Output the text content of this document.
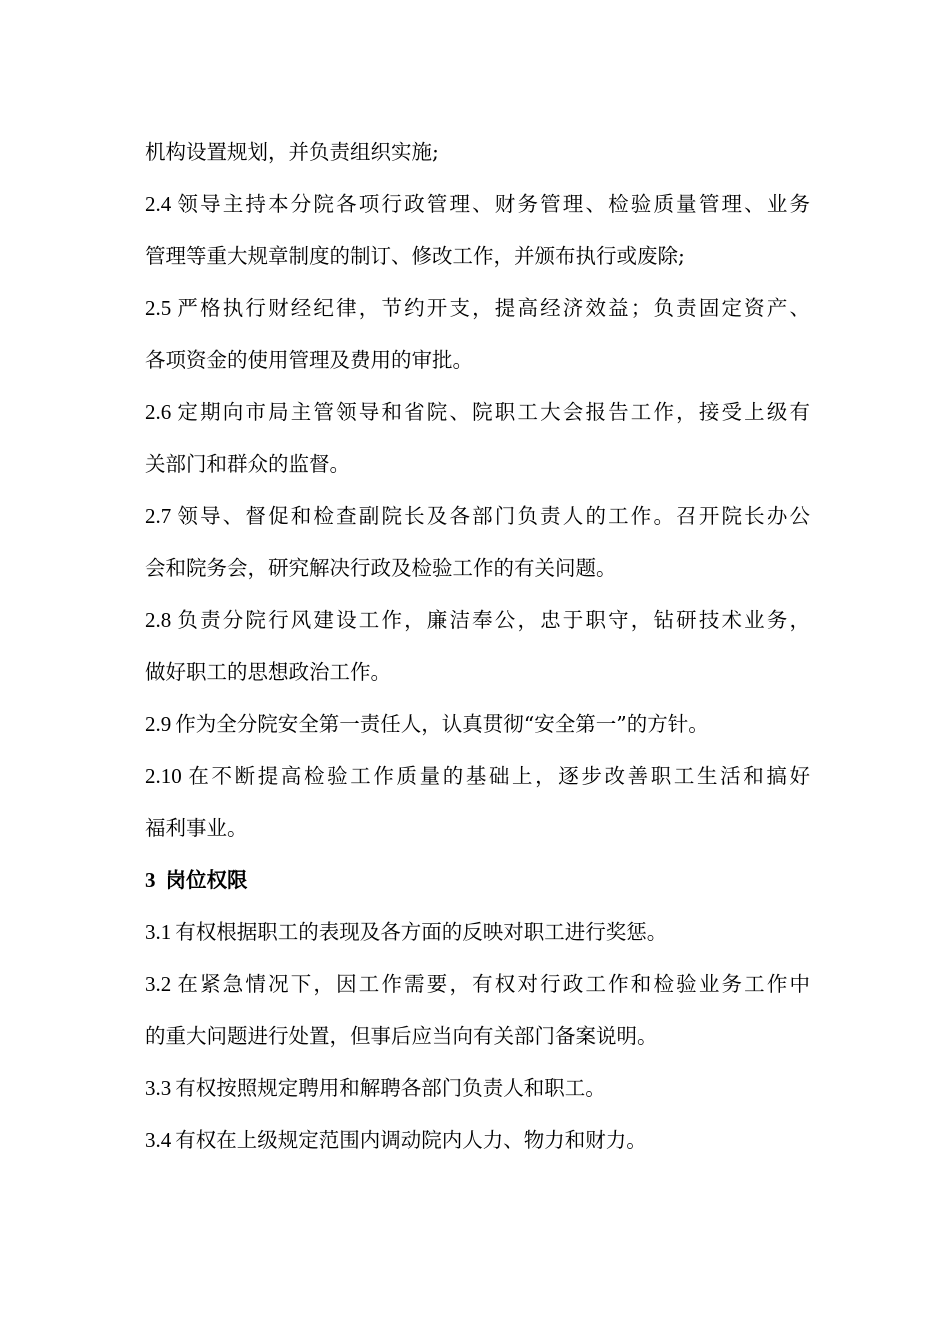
机构设置规划，并负责组织实施;
2.4 领导主持本分院各项行政管理、财务管理、检验质量管理、业务
管理等重大规章制度的制订、修改工作，并颁布执行或废除;
2.5 严格执行财经纪律，节约开支，提高经济效益；负责固定资产、
各项资金的使用管理及费用的审批。
2.6 定期向市局主管领导和省院、院职工大会报告工作，接受上级有
关部门和群众的监督。
2.7 领导、督促和检查副院长及各部门负责人的工作。召开院长办公
会和院务会，研究解决行政及检验工作的有关问题。
2.8 负责分院行风建设工作，廉洁奉公，忠于职守，钻研技术业务，
做好职工的思想政治工作。
2.9 作为全分院安全第一责任人，认真贯彻“安全第一”的方针。
2.10 在不断提高检验工作质量的基础上，逐步改善职工生活和搞好
福利事业。
3 岗位权限
3.1 有权根据职工的表现及各方面的反映对职工进行奖惩。
3.2 在紧急情况下，因工作需要，有权对行政工作和检验业务工作中
的重大问题进行处置，但事后应当向有关部门备案说明。
3.3 有权按照规定聘用和解聘各部门负责人和职工。
3.4 有权在上级规定范围内调动院内人力、物力和财力。
